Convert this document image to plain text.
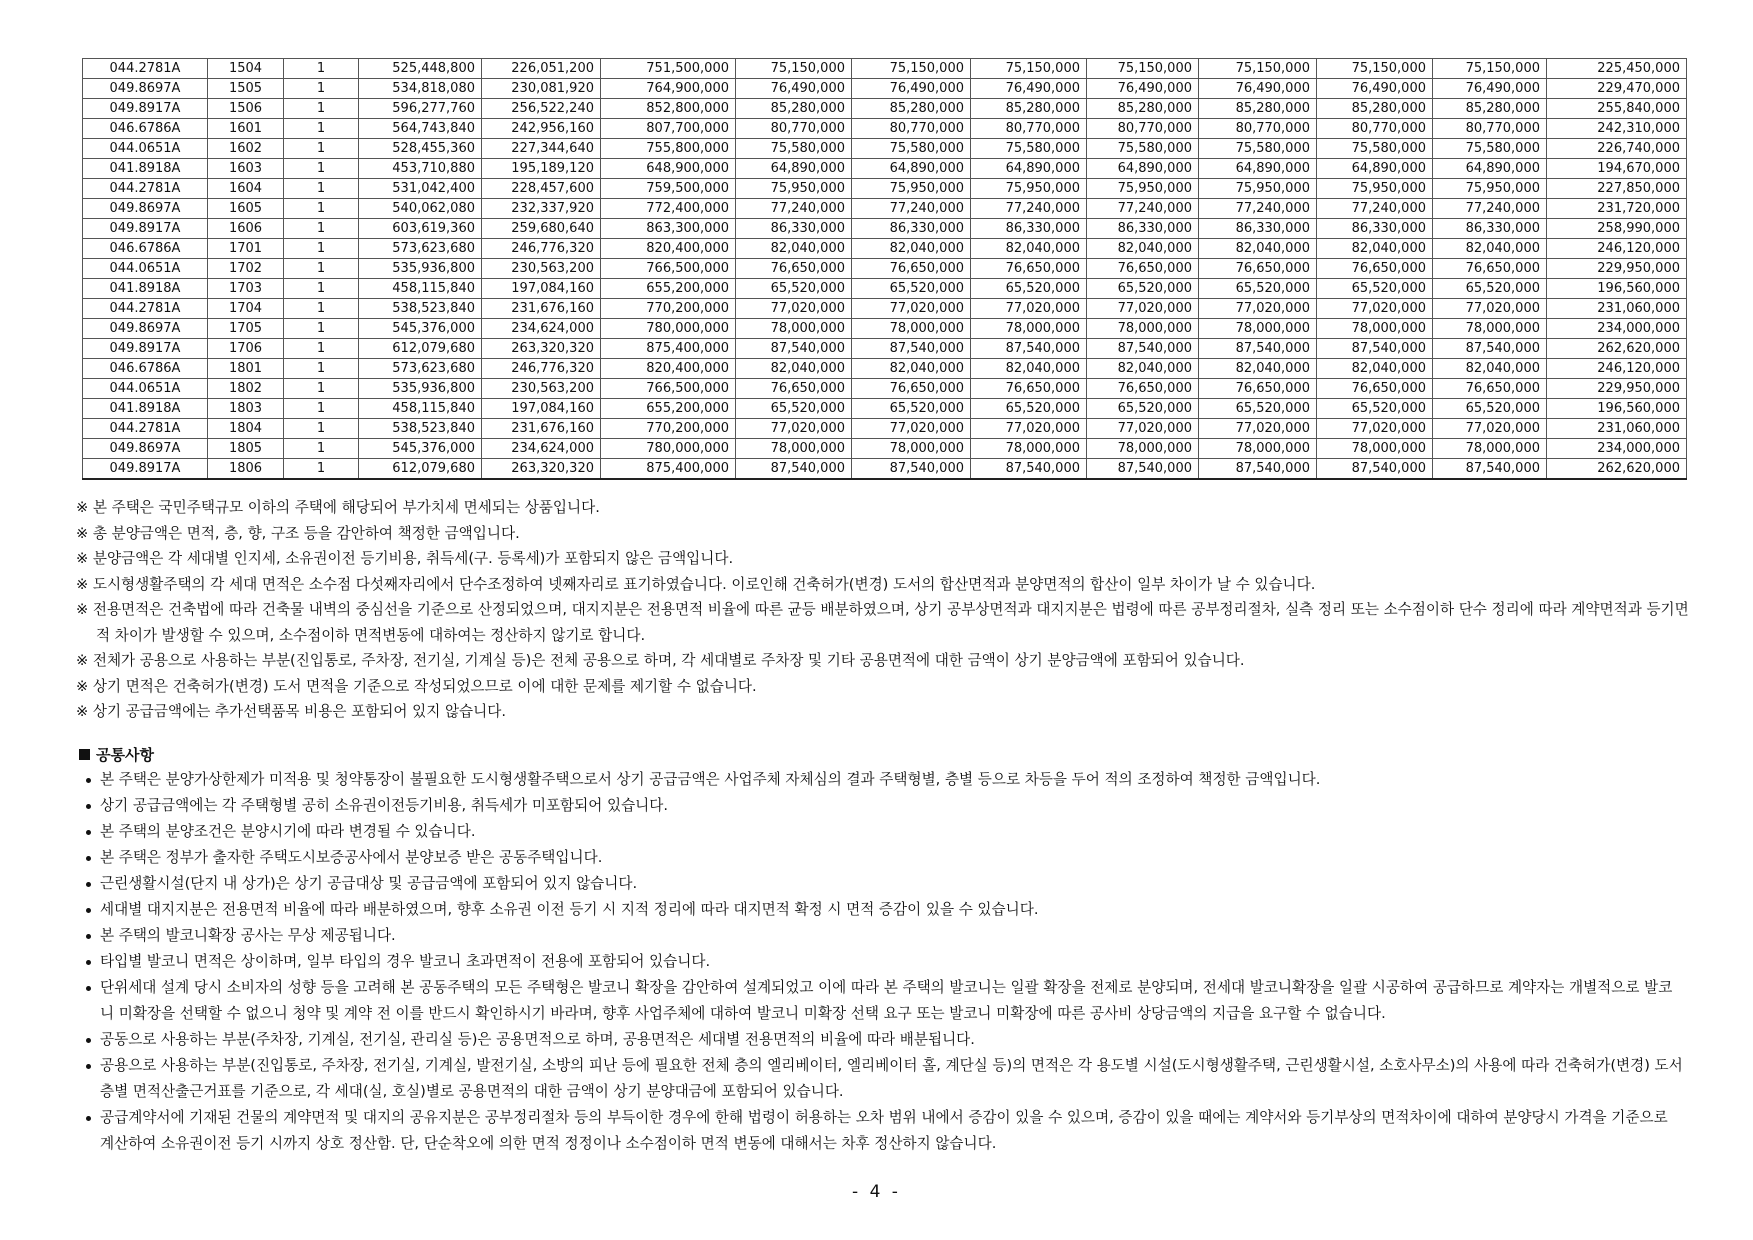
044.2781A	1504	1	525,448,800	226,051,200	751,500,000	75,150,000	75,150,000	75,150,000	75,150,000	75,150,000	75,150,000	75,150,000	225,450,000
049.8697A	1505	1	534,818,080	230,081,920	764,900,000	76,490,000	76,490,000	76,490,000	76,490,000	76,490,000	76,490,000	76,490,000	229,470,000
049.8917A	1506	1	596,277,760	256,522,240	852,800,000	85,280,000	85,280,000	85,280,000	85,280,000	85,280,000	85,280,000	85,280,000	255,840,000
046.6786A	1601	1	564,743,840	242,956,160	807,700,000	80,770,000	80,770,000	80,770,000	80,770,000	80,770,000	80,770,000	80,770,000	242,310,000
044.0651A	1602	1	528,455,360	227,344,640	755,800,000	75,580,000	75,580,000	75,580,000	75,580,000	75,580,000	75,580,000	75,580,000	226,740,000
041.8918A	1603	1	453,710,880	195,189,120	648,900,000	64,890,000	64,890,000	64,890,000	64,890,000	64,890,000	64,890,000	64,890,000	194,670,000
044.2781A	1604	1	531,042,400	228,457,600	759,500,000	75,950,000	75,950,000	75,950,000	75,950,000	75,950,000	75,950,000	75,950,000	227,850,000
049.8697A	1605	1	540,062,080	232,337,920	772,400,000	77,240,000	77,240,000	77,240,000	77,240,000	77,240,000	77,240,000	77,240,000	231,720,000
049.8917A	1606	1	603,619,360	259,680,640	863,300,000	86,330,000	86,330,000	86,330,000	86,330,000	86,330,000	86,330,000	86,330,000	258,990,000
046.6786A	1701	1	573,623,680	246,776,320	820,400,000	82,040,000	82,040,000	82,040,000	82,040,000	82,040,000	82,040,000	82,040,000	246,120,000
044.0651A	1702	1	535,936,800	230,563,200	766,500,000	76,650,000	76,650,000	76,650,000	76,650,000	76,650,000	76,650,000	76,650,000	229,950,000
041.8918A	1703	1	458,115,840	197,084,160	655,200,000	65,520,000	65,520,000	65,520,000	65,520,000	65,520,000	65,520,000	65,520,000	196,560,000
044.2781A	1704	1	538,523,840	231,676,160	770,200,000	77,020,000	77,020,000	77,020,000	77,020,000	77,020,000	77,020,000	77,020,000	231,060,000
049.8697A	1705	1	545,376,000	234,624,000	780,000,000	78,000,000	78,000,000	78,000,000	78,000,000	78,000,000	78,000,000	78,000,000	234,000,000
049.8917A	1706	1	612,079,680	263,320,320	875,400,000	87,540,000	87,540,000	87,540,000	87,540,000	87,540,000	87,540,000	87,540,000	262,620,000
046.6786A	1801	1	573,623,680	246,776,320	820,400,000	82,040,000	82,040,000	82,040,000	82,040,000	82,040,000	82,040,000	82,040,000	246,120,000
044.0651A	1802	1	535,936,800	230,563,200	766,500,000	76,650,000	76,650,000	76,650,000	76,650,000	76,650,000	76,650,000	76,650,000	229,950,000
041.8918A	1803	1	458,115,840	197,084,160	655,200,000	65,520,000	65,520,000	65,520,000	65,520,000	65,520,000	65,520,000	65,520,000	196,560,000
044.2781A	1804	1	538,523,840	231,676,160	770,200,000	77,020,000	77,020,000	77,020,000	77,020,000	77,020,000	77,020,000	77,020,000	231,060,000
049.8697A	1805	1	545,376,000	234,624,000	780,000,000	78,000,000	78,000,000	78,000,000	78,000,000	78,000,000	78,000,000	78,000,000	234,000,000
049.8917A	1806	1	612,079,680	263,320,320	875,400,000	87,540,000	87,540,000	87,540,000	87,540,000	87,540,000	87,540,000	87,540,000	262,620,000
※ 본 주택은 국민주택규모 이하의 주택에 해당되어 부가치세 면세되는 상품입니다.
※ 총 분양금액은 면적, 층, 향, 구조 등을 감안하여 책정한 금액입니다.
※ 분양금액은 각 세대별 인지세, 소유권이전 등기비용, 취득세(구. 등록세)가 포함되지 않은 금액입니다.
※ 도시형생활주택의 각 세대 면적은 소수점 다섯째자리에서 단수조정하여 넷째자리로 표기하였습니다. 이로인해 건축허가(변경) 도서의 합산면적과 분양면적의 합산이 일부 차이가 날 수 있습니다.
※ 전용면적은 건축법에 따라 건축물 내벽의 중심선을 기준으로 산정되었으며, 대지지분은 전용면적 비율에 따른 균등 배분하였으며, 상기 공부상면적과 대지지분은 법령에 따른 공부정리절차, 실측 정리 또는 소수점이하 단수 정리에 따라 계약면적과 등기면적 차이가 발생할 수 있으며, 소수점이하 면적변동에 대하여는 정산하지 않기로 합니다.
※ 전체가 공용으로 사용하는 부분(진입통로, 주차장, 전기실, 기계실 등)은 전체 공용으로 하며, 각 세대별로 주차장 및 기타 공용면적에 대한 금액이 상기 분양금액에 포함되어 있습니다.
※ 상기 면적은 건축허가(변경) 도서 면적을 기준으로 작성되었으므로 이에 대한 문제를 제기할 수 없습니다.
※ 상기 공급금액에는 추가선택품목 비용은 포함되어 있지 않습니다.
공통사항
본 주택은 분양가상한제가 미적용 및 청약통장이 불필요한 도시형생활주택으로서 상기 공급금액은 사업주체 자체심의 결과 주택형별, 층별 등으로 차등을 두어 적의 조정하여 책정한 금액입니다.
상기 공급금액에는 각 주택형별 공히 소유권이전등기비용, 취득세가 미포함되어 있습니다.
본 주택의 분양조건은 분양시기에 따라 변경될 수 있습니다.
본 주택은 정부가 출자한 주택도시보증공사에서 분양보증 받은 공동주택입니다.
근린생활시설(단지 내 상가)은 상기 공급대상 및 공급금액에 포함되어 있지 않습니다.
세대별 대지지분은 전용면적 비율에 따라 배분하였으며, 향후 소유권 이전 등기 시 지적 정리에 따라 대지면적 확정 시 면적 증감이 있을 수 있습니다.
본 주택의 발코니확장 공사는 무상 제공됩니다.
타입별 발코니 면적은 상이하며, 일부 타입의 경우 발코니 초과면적이 전용에 포함되어 있습니다.
단위세대 설계 당시 소비자의 성향 등을 고려해 본 공동주택의 모든 주택형은 발코니 확장을 감안하여 설계되었고 이에 따라 본 주택의 발코니는 일괄 확장을 전제로 분양되며, 전세대 발코니확장을 일괄 시공하여 공급하므로 계약자는 개별적으로 발코니 미확장을 선택할 수 없으니 청약 및 계약 전 이를 반드시 확인하시기 바라며, 향후 사업주체에 대하여 발코니 미확장 선택 요구 또는 발코니 미확장에 따른 공사비 상당금액의 지급을 요구할 수 없습니다.
공동으로 사용하는 부분(주차장, 기계실, 전기실, 관리실 등)은 공용면적으로 하며, 공용면적은 세대별 전용면적의 비율에 따라 배분됩니다.
공용으로 사용하는 부분(진입통로, 주차장, 전기실, 기계실, 발전기실, 소방의 피난 등에 필요한 전체 층의 엘리베이터, 엘리베이터 홀, 계단실 등)의 면적은 각 용도별 시설(도시형생활주택, 근린생활시설, 소호사무소)의 사용에 따라 건축허가(변경) 도서 층별 면적산출근거표를 기준으로, 각 세대(실, 호실)별로 공용면적의 대한 금액이 상기 분양대금에 포함되어 있습니다.
공급계약서에 기재된 건물의 계약면적 및 대지의 공유지분은 공부정리절차 등의 부득이한 경우에 한해 법령이 허용하는 오차 범위 내에서 증감이 있을 수 있으며, 증감이 있을 때에는 계약서와 등기부상의 면적차이에 대하여 분양당시 가격을 기준으로 계산하여 소유권이전 등기 시까지 상호 정산함. 단, 단순착오에 의한 면적 정정이나 소수점이하 면적 변동에 대해서는 차후 정산하지 않습니다.
- 4 -
